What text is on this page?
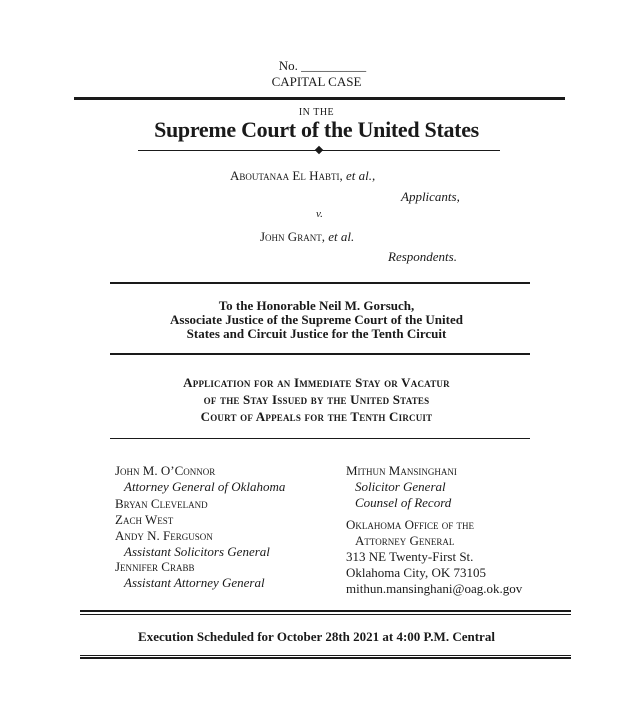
No. __________
CAPITAL CASE
IN THE
Supreme Court of the United States
Aboutanaa El Habti, et al.,
Applicants,
v.
John Grant, et al.
Respondents.
To the Honorable Neil M. Gorsuch,
Associate Justice of the Supreme Court of the United
States and Circuit Justice for the Tenth Circuit
Application for an Immediate Stay or Vacatur
of the Stay Issued by the United States
Court of Appeals for the Tenth Circuit
John M. O’Connor
Attorney General of Oklahoma
Bryan Cleveland
Zach West
Andy N. Ferguson
Assistant Solicitors General
Jennifer Crabb
Assistant Attorney General
Mithun Mansinghani
Solicitor General
Counsel of Record
Oklahoma Office of the
Attorney General
313 NE Twenty-First St.
Oklahoma City, OK 73105
mithun.mansinghani@oag.ok.gov
Execution Scheduled for October 28th 2021 at 4:00 P.M. Central
